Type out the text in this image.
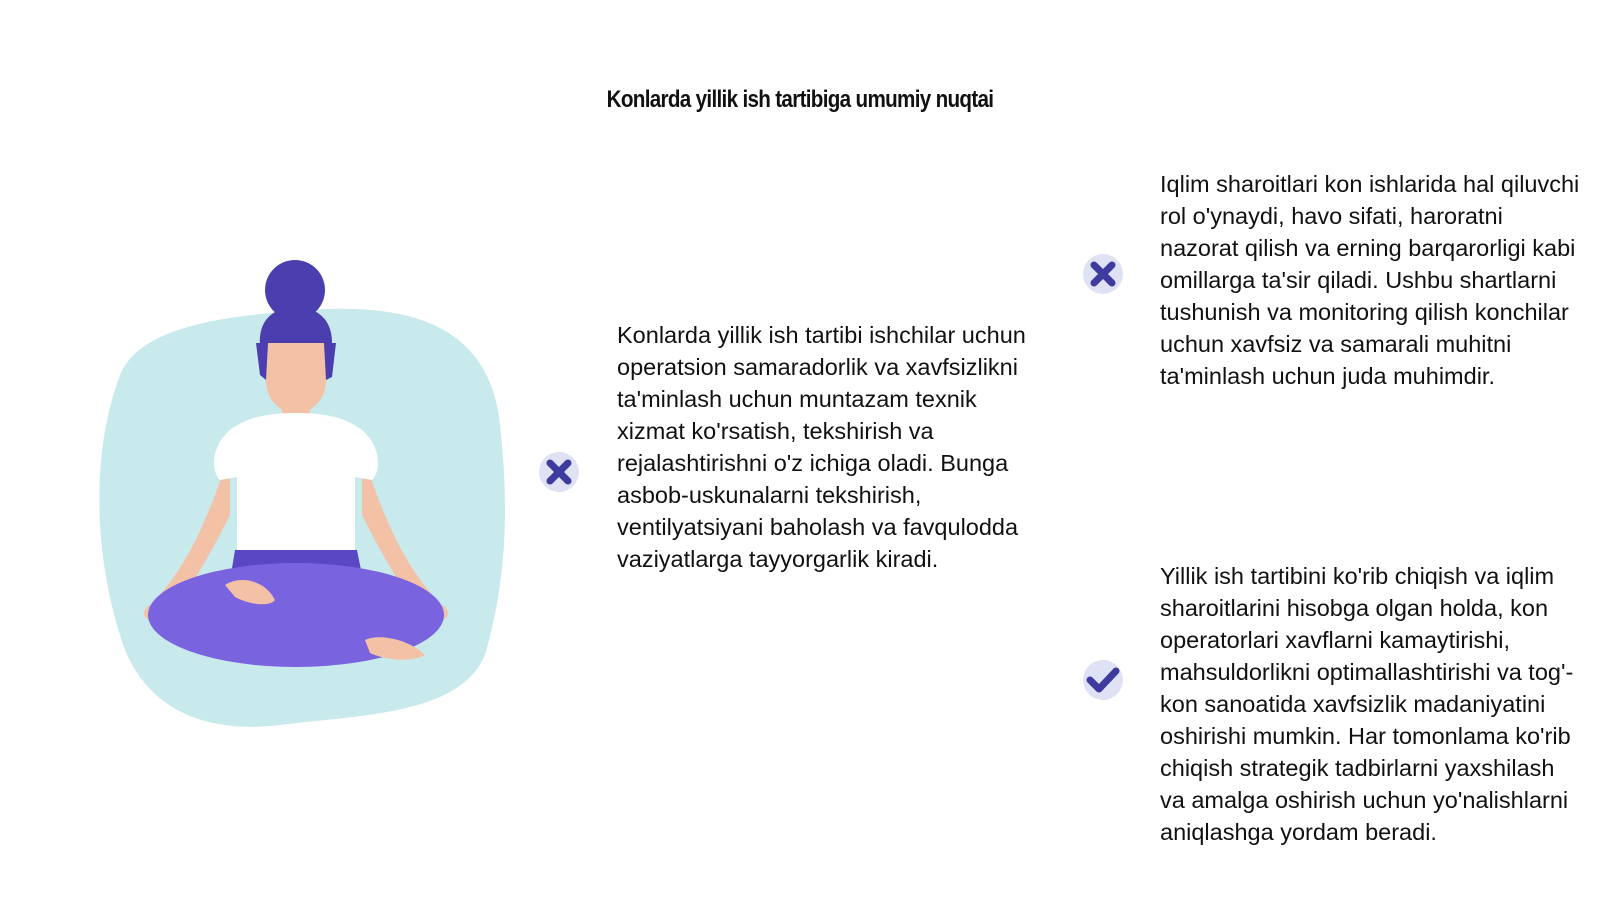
Konlarda yillik ish tartibiga umumiy nuqtai

Konlarda yillik ish tartibi ishchilar uchun operatsion samaradorlik va xavfsizlikni ta'minlash uchun muntazam texnik xizmat ko'rsatish, tekshirish va rejalashtirishni o'z ichiga oladi. Bunga asbob-uskunalarni tekshirish, ventilyatsiyani baholash va favqulodda vaziyatlarga tayyorgarlik kiradi.

Iqlim sharoitlari kon ishlarida hal qiluvchi rol o'ynaydi, havo sifati, haroratni nazorat qilish va erning barqarorligi kabi omillarga ta'sir qiladi. Ushbu shartlarni tushunish va monitoring qilish konchilar uchun xavfsiz va samarali muhitni ta'minlash uchun juda muhimdir.

Yillik ish tartibini ko'rib chiqish va iqlim sharoitlarini hisobga olgan holda, kon operatorlari xavflarni kamaytirishi, mahsuldorlikni optimallashtirishi va tog'-kon sanoatida xavfsizlik madaniyatini oshirishi mumkin. Har tomonlama ko'rib chiqish strategik tadbirlarni yaxshilash va amalga oshirish uchun yo'nalishlarni aniqlashga yordam beradi.
